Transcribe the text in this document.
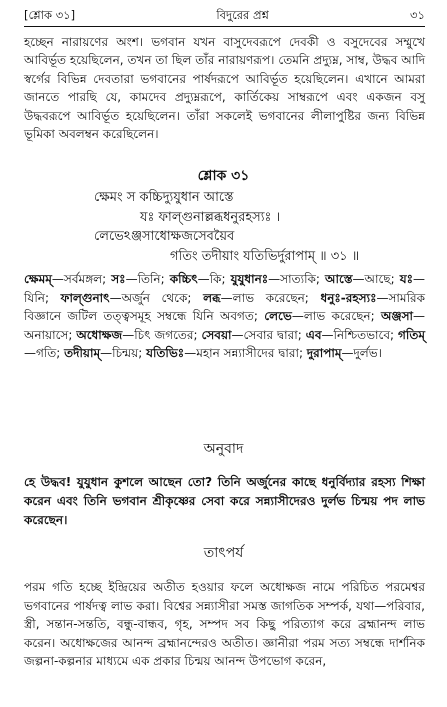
[শ্লোক ৩১]	বিদুরের প্রশ্ন	৩১

হচ্ছেন নারায়ণের অংশ। ভগবান যখন বাসুদেবরূপে দেবকী ও বসুদেবের সম্মুখে আবির্ভূত হয়েছিলেন, তখন তা ছিল তাঁর নারায়ণরূপ। তেমনি প্রদ্যুম্ন, সাম্ব, উদ্ধব আদি স্বর্গের বিভিন্ন দেবতারা ভগবানের পার্ষদরূপে আবির্ভূত হয়েছিলেন। এখানে আমরা জানতে পারছি যে, কামদেব প্রদ্যুম্নরূপে, কার্তিকেয় সাম্বরূপে এবং একজন বসু উদ্ধবরূপে আবির্ভূত হয়েছিলেন। তাঁরা সকলেই ভগবানের লীলাপুষ্টির জন্য বিভিন্ন ভূমিকা অবলম্বন করেছিলেন।

শ্লোক ৩১
ক্ষেমং স কচ্চিদ্যুযুধান আস্তে
যঃ ফাল্গুনাল্লব্ধধনুরহস্যঃ ।
লেভেঽঞ্জসাধোক্ষজসেবয়ৈব
গতিং তদীয়াং যতিভির্দুরাপাম্ ॥ ৩১ ॥
ক্ষেমম্—সর্বমঙ্গল; সঃ—তিনি; কচ্চিৎ—কি; যুযুধানঃ—সাত্যকি; আস্তে—আছে; যঃ—যিনি; ফাল্গুনাৎ—অর্জুন থেকে; লব্ধ—লাভ করেছেন; ধনুঃ-রহস্যঃ—সামরিক বিজ্ঞানে জটিল তত্ত্বসমূহ সম্বন্ধে যিনি অবগত; লেভে—লাভ করেছেন; অঞ্জসা—অনায়াসে; অধোক্ষজ—চিৎ জগতের; সেবয়া—সেবার দ্বারা; এব—নিশ্চিতভাবে; গতিম্—গতি; তদীয়াম্—চিন্ময়; যতিভিঃ—মহান সন্ন্যাসীদের দ্বারা; দুরাপাম্—দুর্লভ।
অনুবাদ

হে উদ্ধব! যুযুধান কুশলে আছেন তো? তিনি অর্জুনের কাছে ধনুর্বিদ্যার রহস্য শিক্ষা করেন এবং তিনি ভগবান শ্রীকৃষ্ণের সেবা করে সন্ন্যাসীদেরও দুর্লভ চিন্ময় পদ লাভ করেছেন।

তাৎপর্য

পরম গতি হচ্ছে ইন্দ্রিয়ের অতীত হওয়ার ফলে অধোক্ষজ নামে পরিচিত পরমেশ্বর ভগবানের পার্ষদত্ব লাভ করা। বিশ্বের সন্ন্যাসীরা সমস্ত জাগতিক সম্পর্ক, যথা—পরিবার, স্ত্রী, সন্তান-সন্ততি, বন্ধু-বান্ধব, গৃহ, সম্পদ সব কিছু পরিত্যাগ করে ব্রহ্মানন্দ লাভ করেন। অধোক্ষজের আনন্দ ব্রহ্মানন্দেরও অতীত। জ্ঞানীরা পরম সত্য সম্বন্ধে দার্শনিক জল্পনা-কল্পনার মাধ্যমে এক প্রকার চিন্ময় আনন্দ উপভোগ করেন,
